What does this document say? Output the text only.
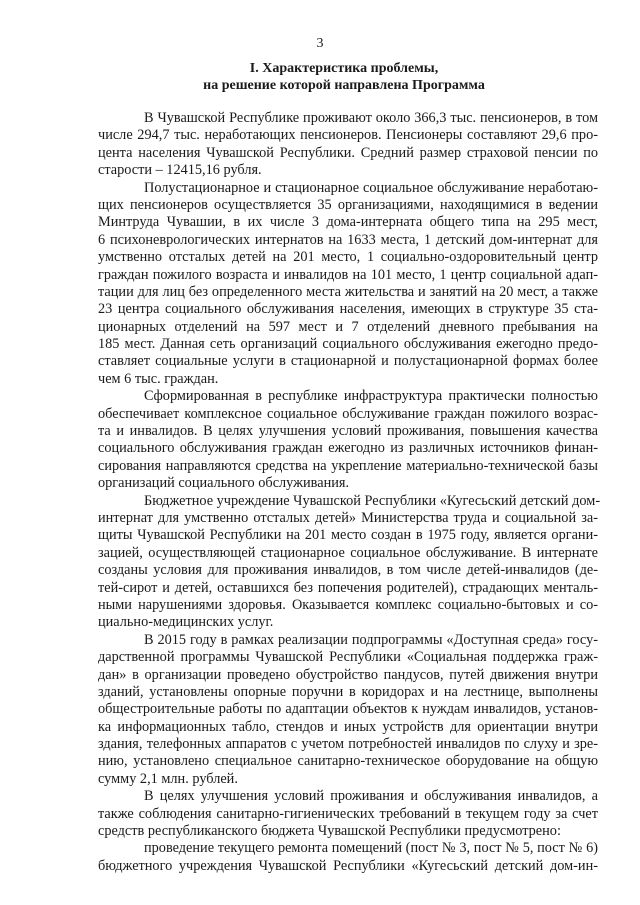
3
I. Характеристика проблемы,
на решение которой направлена Программа
В Чувашской Республике проживают около 366,3 тыс. пенсионеров, в том
числе 294,7 тыс. неработающих пенсионеров. Пенсионеры составляют 29,6 про-
цента населения Чувашской Республики. Средний размер страховой пенсии по
старости – 12415,16 рубля.
Полустационарное и стационарное социальное обслуживание неработаю-
щих пенсионеров осуществляется 35 организациями, находящимися в ведении
Минтруда Чувашии, в их числе 3 дома-интерната общего типа на 295 мест,
6 психоневрологических интернатов на 1633 места, 1 детский дом-интернат для
умственно отсталых детей на 201 место, 1 социально-оздоровительный центр
граждан пожилого возраста и инвалидов на 101 место, 1 центр социальной адап-
тации для лиц без определенного места жительства и занятий на 20 мест, а также
23 центра социального обслуживания населения, имеющих в структуре 35 ста-
ционарных отделений на 597 мест и 7 отделений дневного пребывания на
185 мест. Данная сеть организаций социального обслуживания ежегодно предо-
ставляет социальные услуги в стационарной и полустационарной формах более
чем 6 тыс. граждан.
Сформированная в республике инфраструктура практически полностью
обеспечивает комплексное социальное обслуживание граждан пожилого возрас-
та и инвалидов. В целях улучшения условий проживания, повышения качества
социального обслуживания граждан ежегодно из различных источников финан-
сирования направляются средства на укрепление материально-технической базы
организаций социального обслуживания.
Бюджетное учреждение Чувашской Республики «Кугесьский детский дом-
интернат для умственно отсталых детей» Министерства труда и социальной за-
щиты Чувашской Республики на 201 место создан в 1975 году, является органи-
зацией, осуществляющей стационарное социальное обслуживание. В интернате
созданы условия для проживания инвалидов, в том числе детей-инвалидов (де-
тей-сирот и детей, оставшихся без попечения родителей), страдающих менталь-
ными нарушениями здоровья. Оказывается комплекс социально-бытовых и со-
циально-медицинских услуг.
В 2015 году в рамках реализации подпрограммы «Доступная среда» госу-
дарственной программы Чувашской Республики «Социальная поддержка граж-
дан» в организации проведено обустройство пандусов, путей движения внутри
зданий, установлены опорные поручни в коридорах и на лестнице, выполнены
общестроительные работы по адаптации объектов к нуждам инвалидов, установ-
ка информационных табло, стендов и иных устройств для ориентации внутри
здания, телефонных аппаратов с учетом потребностей инвалидов по слуху и зре-
нию, установлено специальное санитарно-техническое оборудование на общую
сумму 2,1 млн. рублей.
В целях улучшения условий проживания и обслуживания инвалидов, а
также соблюдения санитарно-гигиенических требований в текущем году за счет
средств республиканского бюджета Чувашской Республики предусмотрено:
проведение текущего ремонта помещений (пост № 3, пост № 5, пост № 6)
бюджетного учреждения Чувашской Республики «Кугесьский детский дом-ин-
